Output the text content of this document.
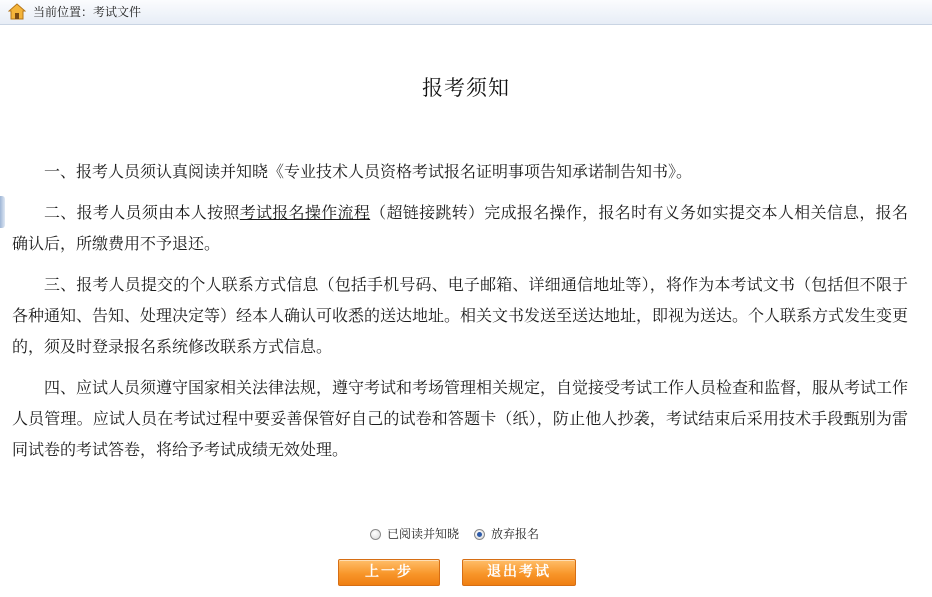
当前位置：考试文件
报考须知

一、报考人员须认真阅读并知晓《专业技术人员资格考试报名证明事项告知承诺制告知书》。

二、报考人员须由本人按照考试报名操作流程（超链接跳转）完成报名操作，报名时有义务如实提交本人相关信息，报名确认后，所缴费用不予退还。

三、报考人员提交的个人联系方式信息（包括手机号码、电子邮箱、详细通信地址等），将作为本考试文书（包括但不限于各种通知、告知、处理决定等）经本人确认可收悉的送达地址。相关文书发送至送达地址，即视为送达。个人联系方式发生变更的，须及时登录报名系统修改联系方式信息。

四、应试人员须遵守国家相关法律法规，遵守考试和考场管理相关规定，自觉接受考试工作人员检查和监督，服从考试工作人员管理。应试人员在考试过程中要妥善保管好自己的试卷和答题卡（纸），防止他人抄袭，考试结束后采用技术手段甄别为雷同试卷的考试答卷，将给予考试成绩无效处理。

已阅读并知晓	放弃报名
上一步	退出考试
